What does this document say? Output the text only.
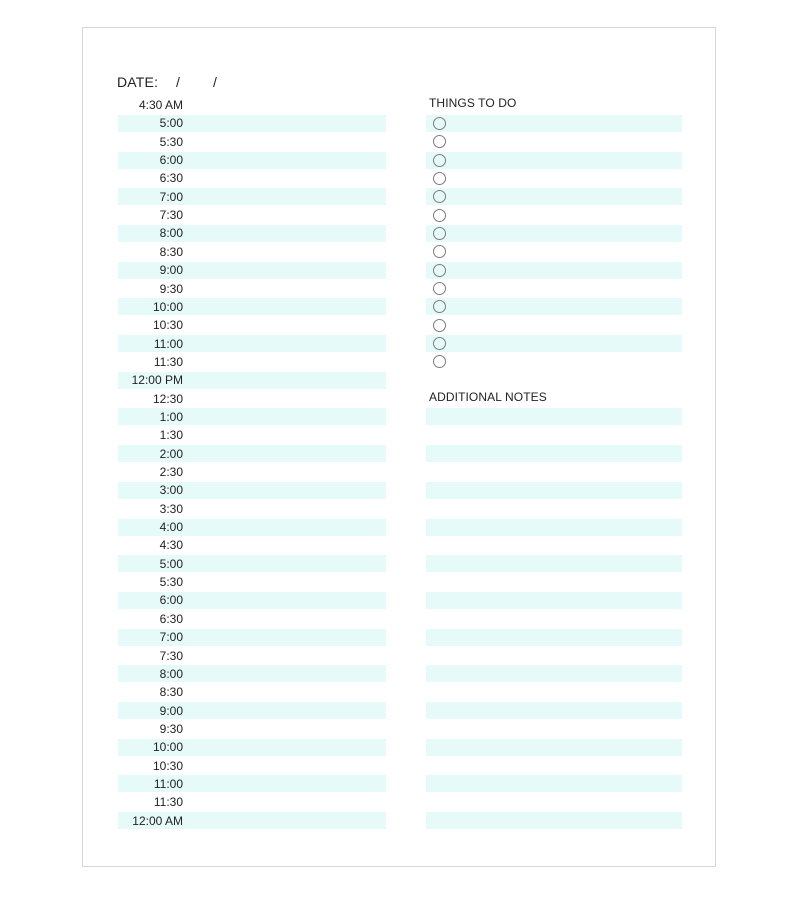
DATE: / /
4:30 AM
5:00
5:30
6:00
6:30
7:00
7:30
8:00
8:30
9:00
9:30
10:00
10:30
11:00
11:30
12:00 PM
12:30
1:00
1:30
2:00
2:30
3:00
3:30
4:00
4:30
5:00
5:30
6:00
6:30
7:00
7:30
8:00
8:30
9:00
9:30
10:00
10:30
11:00
11:30
12:00 AM
THINGS TO DO
ADDITIONAL NOTES
